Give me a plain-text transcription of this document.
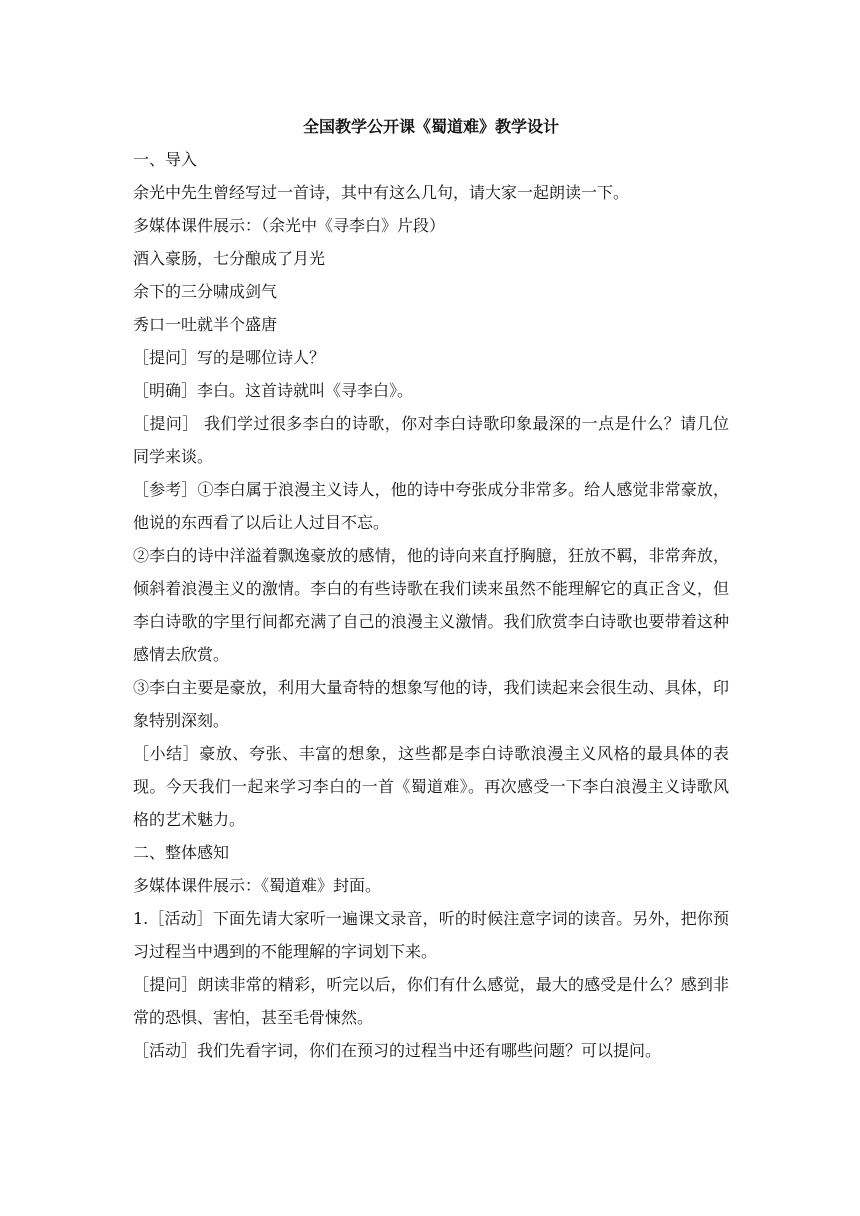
全国教学公开课《蜀道难》教学设计

一、导入

余光中先生曾经写过一首诗，其中有这么几句，请大家一起朗读一下。

多媒体课件展示：（余光中《寻李白》片段）

酒入豪肠，七分酿成了月光

余下的三分啸成剑气

秀口一吐就半个盛唐

［提问］写的是哪位诗人？

［明确］李白。这首诗就叫《寻李白》。

［提问］ 我们学过很多李白的诗歌，你对李白诗歌印象最深的一点是什么？请几位同学来谈。

［参考］①李白属于浪漫主义诗人，他的诗中夸张成分非常多。给人感觉非常豪放，他说的东西看了以后让人过目不忘。

②李白的诗中洋溢着飘逸豪放的感情，他的诗向来直抒胸臆，狂放不羁，非常奔放，倾斜着浪漫主义的激情。李白的有些诗歌在我们读来虽然不能理解它的真正含义，但李白诗歌的字里行间都充满了自己的浪漫主义激情。我们欣赏李白诗歌也要带着这种感情去欣赏。

③李白主要是豪放，利用大量奇特的想象写他的诗，我们读起来会很生动、具体，印象特别深刻。

［小结］豪放、夸张、丰富的想象，这些都是李白诗歌浪漫主义风格的最具体的表现。今天我们一起来学习李白的一首《蜀道难》。再次感受一下李白浪漫主义诗歌风格的艺术魅力。

二、整体感知

多媒体课件展示：《蜀道难》封面。

1.［活动］下面先请大家听一遍课文录音，听的时候注意字词的读音。另外，把你预习过程当中遇到的不能理解的字词划下来。

［提问］朗读非常的精彩，听完以后，你们有什么感觉，最大的感受是什么？感到非常的恐惧、害怕，甚至毛骨悚然。

［活动］我们先看字词，你们在预习的过程当中还有哪些问题？可以提问。
